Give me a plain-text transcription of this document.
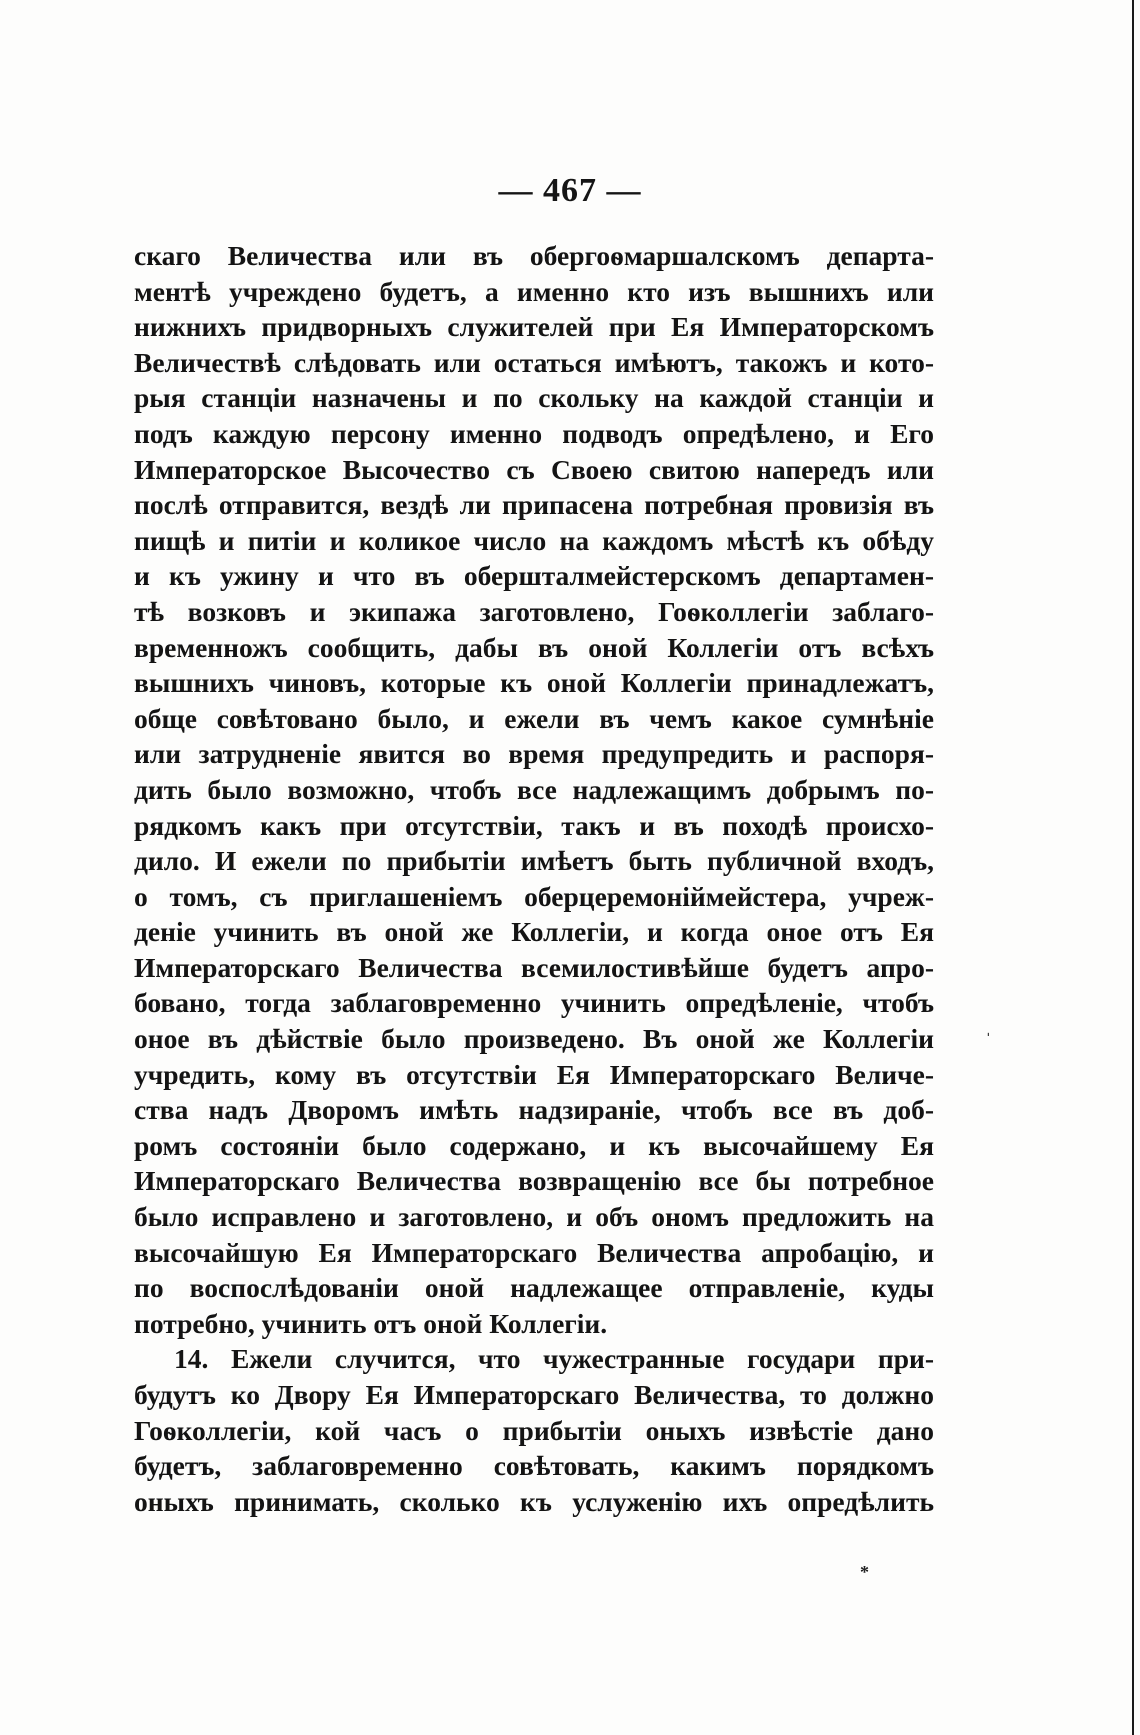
— 467 —
скаго Величества или въ обергоѳмаршалскомъ департа-
ментѣ учреждено будетъ, а именно кто изъ вышнихъ или
нижнихъ придворныхъ служителей при Ея Императорскомъ
Величествѣ слѣдовать или остаться имѣютъ, такожъ и кото-
рыя станціи назначены и по скольку на каждой станціи и
подъ каждую персону именно подводъ опредѣлено, и Его
Императорское Высочество съ Своею свитою напередъ или
послѣ отправится, вездѣ ли припасена потребная провизія въ
пищѣ и питіи и коликое число на каждомъ мѣстѣ къ обѣду
и къ ужину и что въ обершталмейстерскомъ департамен-
тѣ возковъ и экипажа заготовлено, Гоѳколлегіи заблаго-
временножъ сообщить, дабы въ оной Коллегіи отъ всѣхъ
вышнихъ чиновъ, которые къ оной Коллегіи принадлежатъ,
обще совѣтовано было, и ежели въ чемъ какое сумнѣніе
или затрудненіе явится во время предупредить и распоря-
дить было возможно, чтобъ все надлежащимъ добрымъ по-
рядкомъ какъ при отсутствіи, такъ и въ походѣ происхо-
дило. И ежели по прибытіи имѣетъ быть публичной входъ,
о томъ, съ приглашеніемъ оберцеремоніймейстера, учреж-
деніе учинить въ оной же Коллегіи, и когда оное отъ Ея
Императорскаго Величества всемилостивѣйше будетъ апро-
бовано, тогда заблаговременно учинить опредѣленіе, чтобъ
оное въ дѣйствіе было произведено. Въ оной же Коллегіи
учредить, кому въ отсутствіи Ея Императорскаго Величе-
ства надъ Дворомъ имѣть надзираніе, чтобъ все въ доб-
ромъ состояніи было содержано, и къ высочайшему Ея
Императорскаго Величества возвращенію все бы потребное
было исправлено и заготовлено, и объ ономъ предложить на
высочайшую Ея Императорскаго Величества апробацію, и
по воспослѣдованіи оной надлежащее отправленіе, куды
потребно, учинить отъ оной Коллегіи.
14. Ежели случится, что чужестранные государи при-
будутъ ко Двору Ея Императорскаго Величества, то должно
Гоѳколлегіи, кой часъ о прибытіи оныхъ извѣстіе дано
будетъ, заблаговременно совѣтовать, какимъ порядкомъ
оныхъ принимать, сколько къ услуженію ихъ опредѣлить
ˈ
*
